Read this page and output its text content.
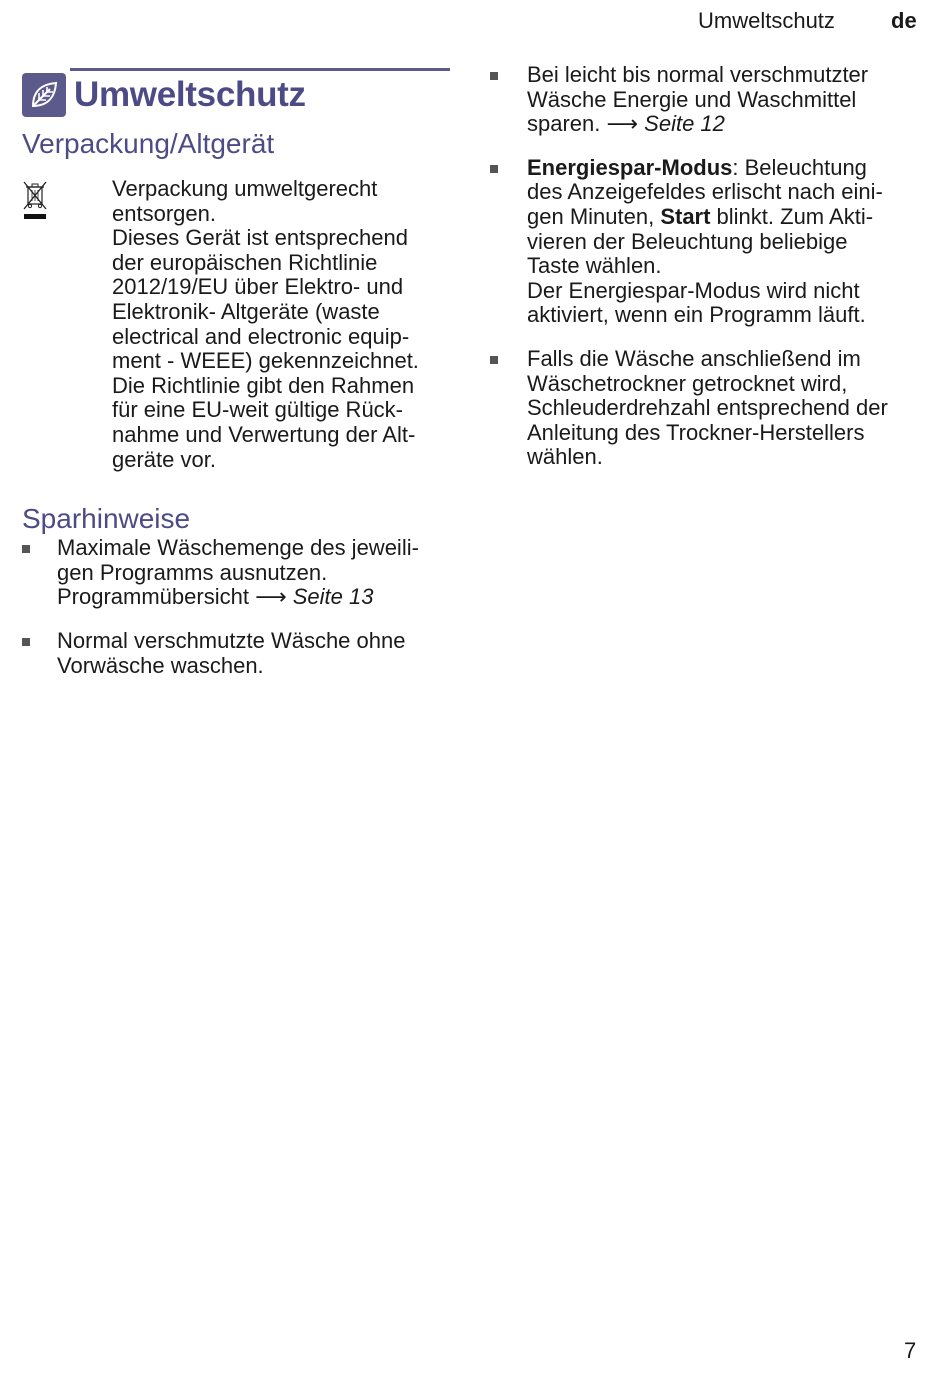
Umweltschutz	de
Umweltschutz
Verpackung/Altgerät
Verpackung umweltgerecht
entsorgen.
Dieses Gerät ist entsprechend
der europäischen Richtlinie
2012/19/EU über Elektro- und
Elektronik- Altgeräte (waste
electrical and electronic equip-
ment - WEEE) gekennzeichnet.
Die Richtlinie gibt den Rahmen
für eine EU-weit gültige Rück-
nahme und Verwertung der Alt-
geräte vor.
Sparhinweise
Maximale Wäschemenge des jeweili-
gen Programms ausnutzen.
Programmübersicht ⟶ Seite 13
Normal verschmutzte Wäsche ohne
Vorwäsche waschen.
Bei leicht bis normal verschmutzter
Wäsche Energie und Waschmittel
sparen. ⟶ Seite 12
Energiespar-Modus: Beleuchtung
des Anzeigefeldes erlischt nach eini-
gen Minuten, Start blinkt. Zum Akti-
vieren der Beleuchtung beliebige
Taste wählen.
Der Energiespar-Modus wird nicht
aktiviert, wenn ein Programm läuft.
Falls die Wäsche anschließend im
Wäschetrockner getrocknet wird,
Schleuderdrehzahl entsprechend der
Anleitung des Trockner-Herstellers
wählen.
7
